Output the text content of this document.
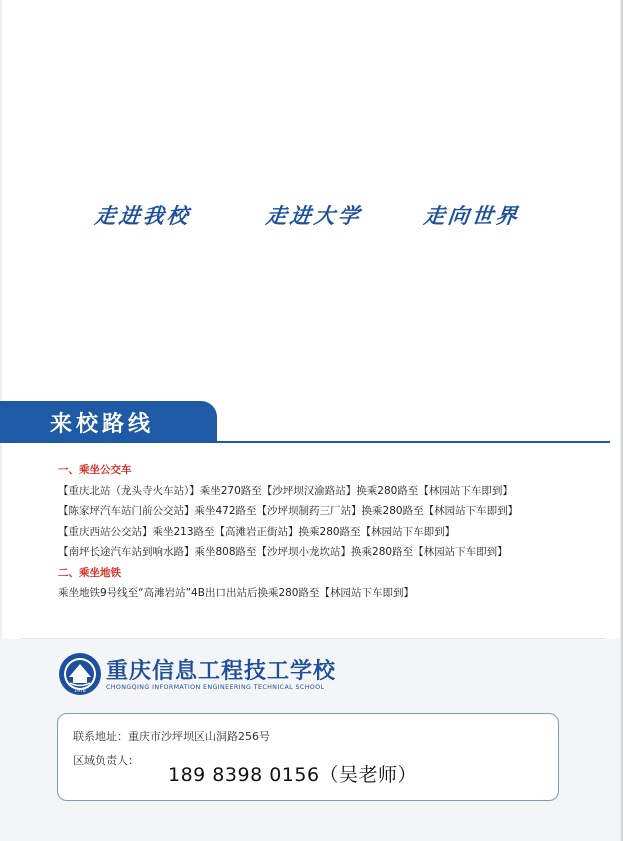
走进我校	走进大学	走向世界
来校路线
一、乘坐公交车
【重庆北站（龙头寺火车站）】乘坐270路至【沙坪坝汉渝路站】换乘280路至【林园站下车即到】
【陈家坪汽车站门前公交站】乘坐472路至【沙坪坝制药三厂站】换乘280路至【林园站下车即到】
【重庆西站公交站】乘坐213路至【高滩岩正街站】换乘280路至【林园站下车即到】
【南坪长途汽车站到响水路】乘坐808路至【沙坪坝小龙坎站】换乘280路至【林园站下车即到】
二、乘坐地铁
乘坐地铁9号线至“高滩岩站”4B出口出站后换乘280路至【林园站下车即到】
1978
重庆信息工程技工学校
CHONGQING INFORMATION ENGINEERING TECHNICAL SCHOOL
联系地址：重庆市沙坪坝区山洞路256号
区域负责人：
189 8398 0156（吴老师）
